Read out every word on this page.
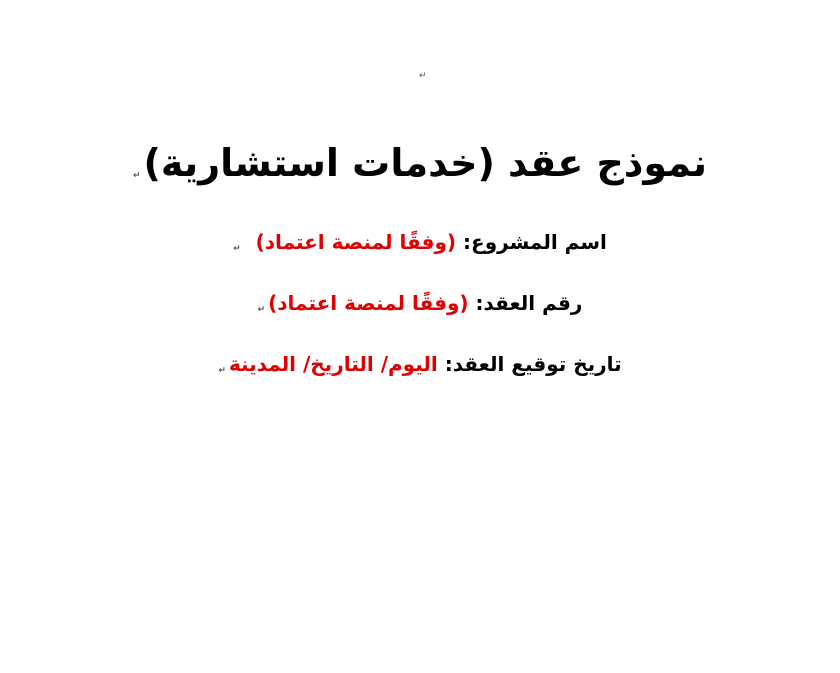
↵
نموذج عقد (خدمات استشارية)↵
اسم المشروع: (وفقًا لمنصة اعتماد)↵
رقم العقد: (وفقًا لمنصة اعتماد)↵
تاريخ توقيع العقد: اليوم/ التاريخ/ المدينة↵
